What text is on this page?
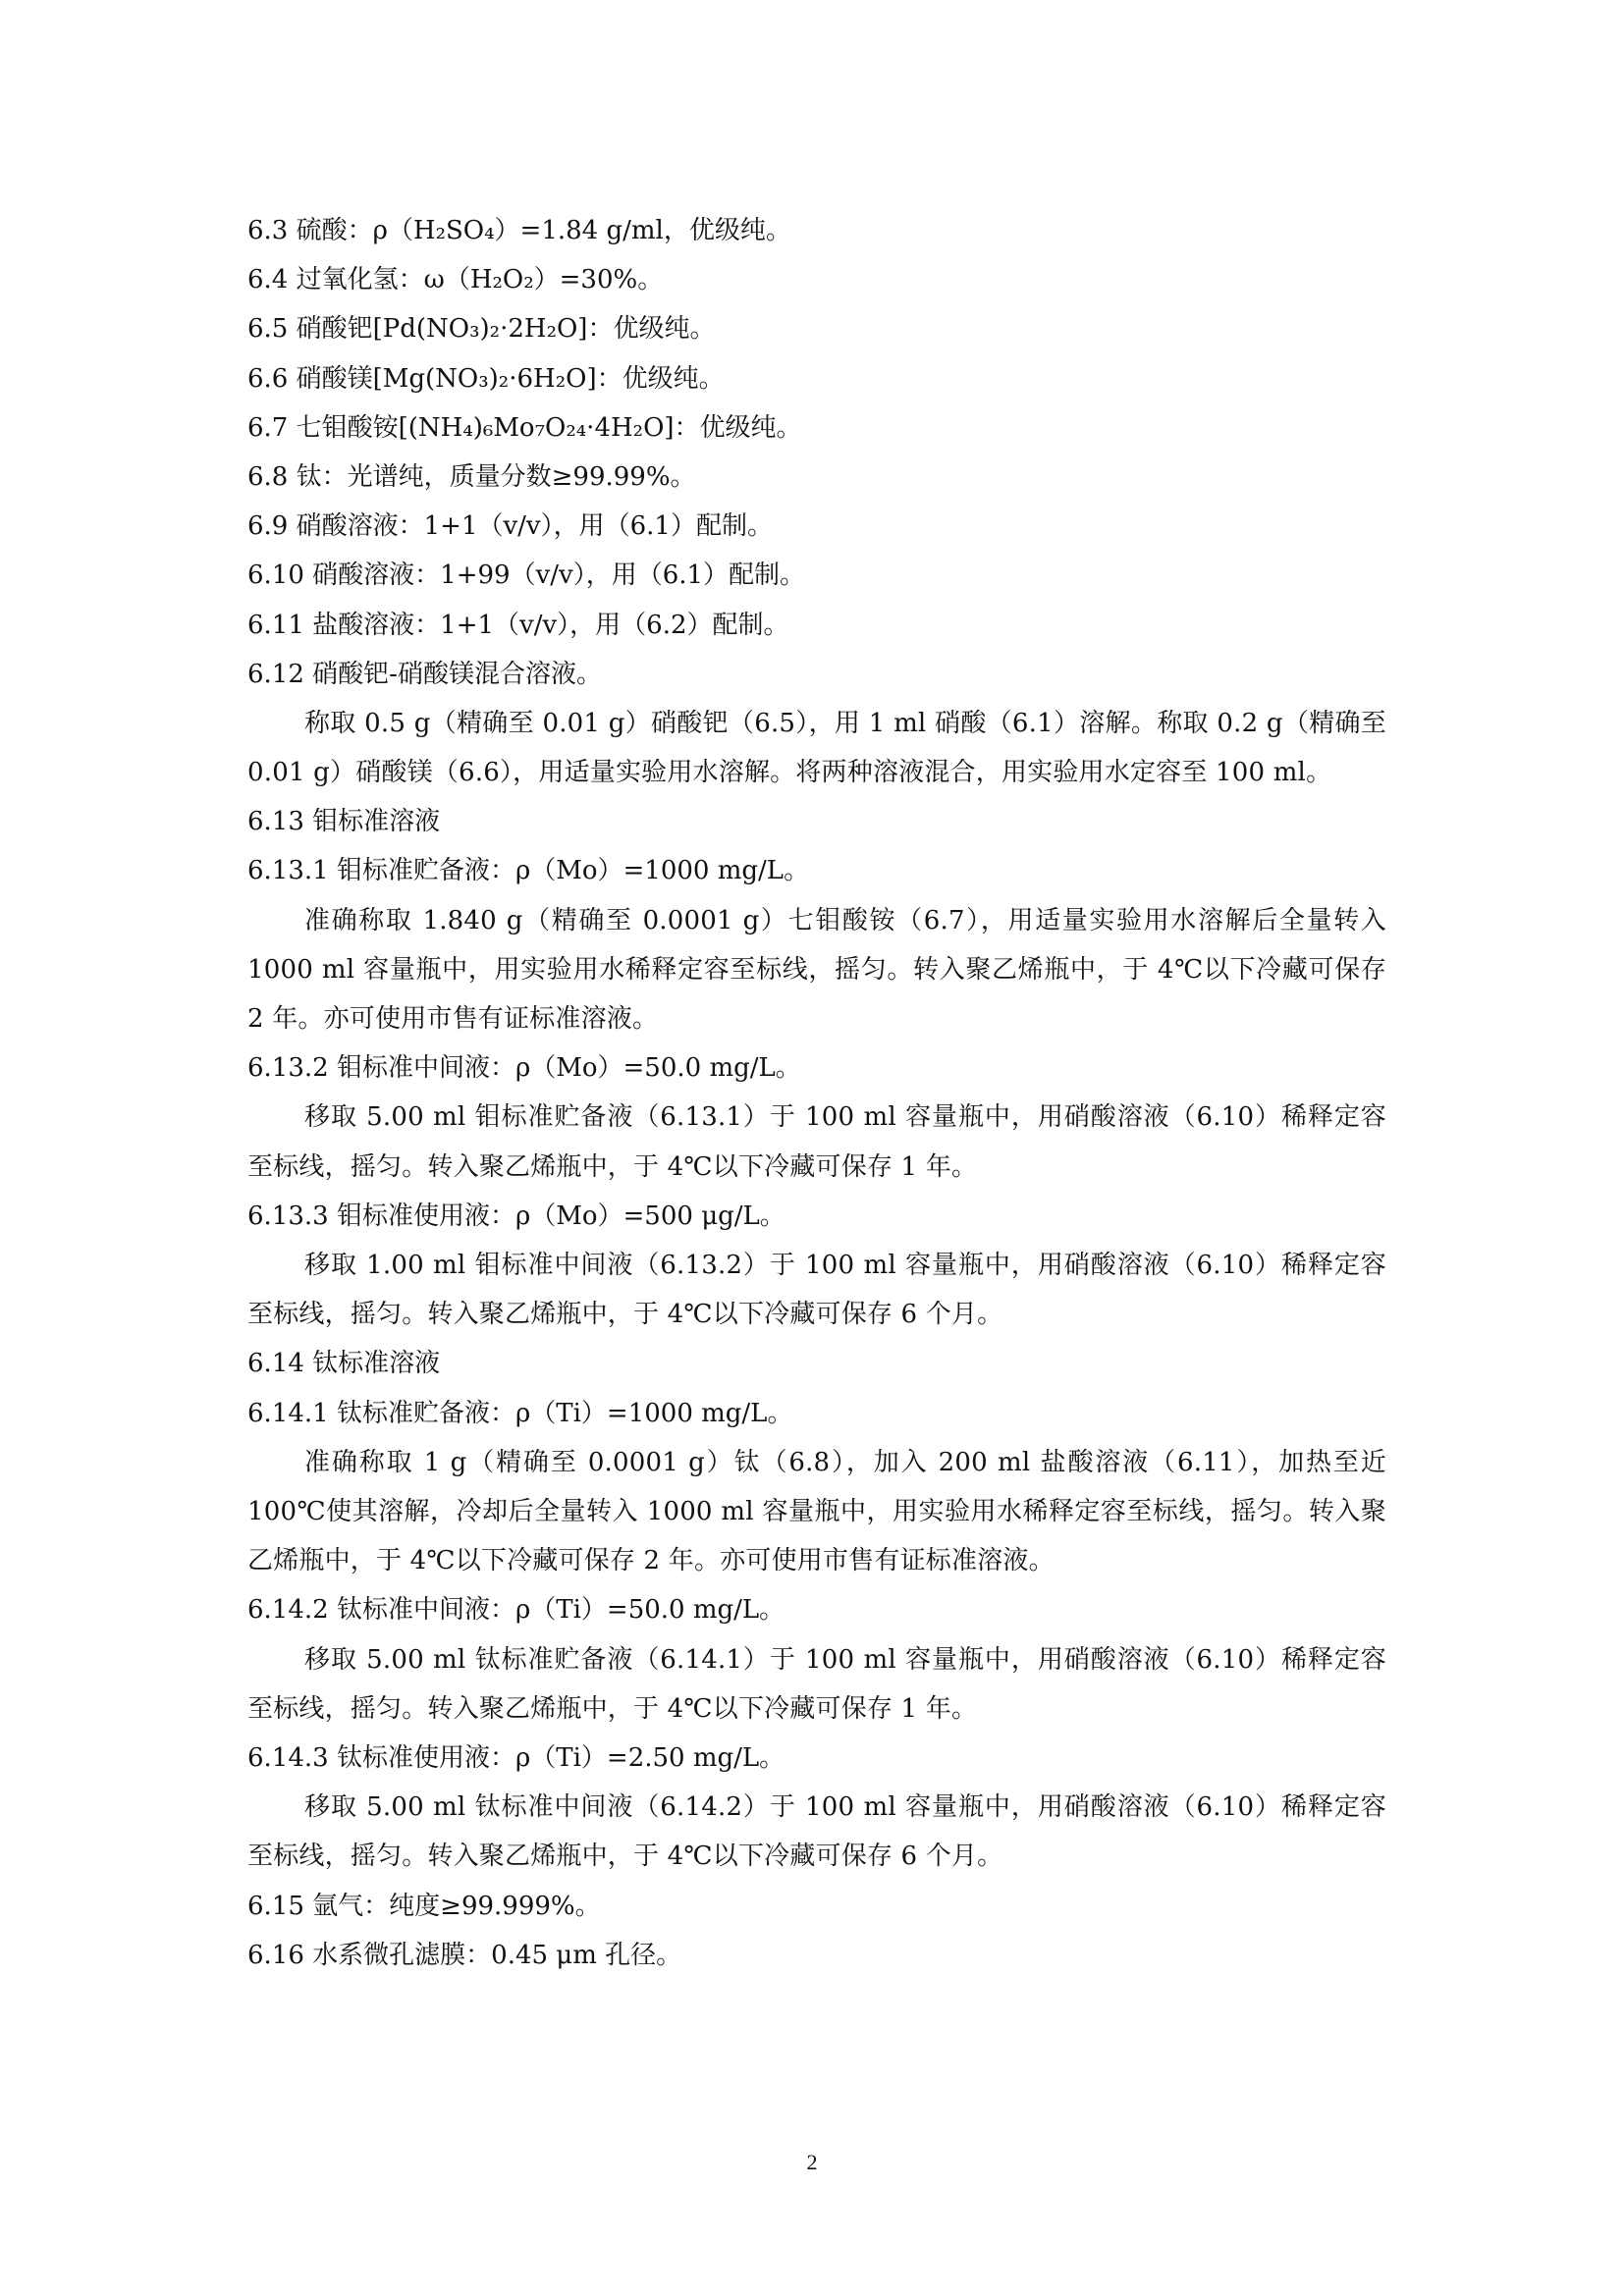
6.3 硫酸：ρ（H₂SO₄）=1.84 g/ml，优级纯。

6.4 过氧化氢：ω（H₂O₂）=30%。

6.5 硝酸钯[Pd(NO₃)₂·2H₂O]：优级纯。

6.6 硝酸镁[Mg(NO₃)₂·6H₂O]：优级纯。

6.7 七钼酸铵[(NH₄)₆Mo₇O₂₄·4H₂O]：优级纯。

6.8 钛：光谱纯，质量分数≥99.99%。

6.9 硝酸溶液：1+1（v/v），用（6.1）配制。

6.10 硝酸溶液：1+99（v/v），用（6.1）配制。

6.11 盐酸溶液：1+1（v/v），用（6.2）配制。

6.12 硝酸钯-硝酸镁混合溶液。

称取 0.5 g（精确至 0.01 g）硝酸钯（6.5），用 1 ml 硝酸（6.1）溶解。称取 0.2 g（精确至 0.01 g）硝酸镁（6.6），用适量实验用水溶解。将两种溶液混合，用实验用水定容至 100 ml。

6.13 钼标准溶液

6.13.1 钼标准贮备液：ρ（Mo）=1000 mg/L。

准确称取 1.840 g（精确至 0.0001 g）七钼酸铵（6.7），用适量实验用水溶解后全量转入 1000 ml 容量瓶中，用实验用水稀释定容至标线，摇匀。转入聚乙烯瓶中，于 4℃以下冷藏可保存 2 年。亦可使用市售有证标准溶液。

6.13.2 钼标准中间液：ρ（Mo）=50.0 mg/L。

移取 5.00 ml 钼标准贮备液（6.13.1）于 100 ml 容量瓶中，用硝酸溶液（6.10）稀释定容至标线，摇匀。转入聚乙烯瓶中，于 4℃以下冷藏可保存 1 年。

6.13.3 钼标准使用液：ρ（Mo）=500 μg/L。

移取 1.00 ml 钼标准中间液（6.13.2）于 100 ml 容量瓶中，用硝酸溶液（6.10）稀释定容至标线，摇匀。转入聚乙烯瓶中，于 4℃以下冷藏可保存 6 个月。

6.14 钛标准溶液

6.14.1 钛标准贮备液：ρ（Ti）=1000 mg/L。

准确称取 1 g（精确至 0.0001 g）钛（6.8），加入 200 ml 盐酸溶液（6.11），加热至近 100℃使其溶解，冷却后全量转入 1000 ml 容量瓶中，用实验用水稀释定容至标线，摇匀。转入聚乙烯瓶中，于 4℃以下冷藏可保存 2 年。亦可使用市售有证标准溶液。

6.14.2 钛标准中间液：ρ（Ti）=50.0 mg/L。

移取 5.00 ml 钛标准贮备液（6.14.1）于 100 ml 容量瓶中，用硝酸溶液（6.10）稀释定容至标线，摇匀。转入聚乙烯瓶中，于 4℃以下冷藏可保存 1 年。

6.14.3 钛标准使用液：ρ（Ti）=2.50 mg/L。

移取 5.00 ml 钛标准中间液（6.14.2）于 100 ml 容量瓶中，用硝酸溶液（6.10）稀释定容至标线，摇匀。转入聚乙烯瓶中，于 4℃以下冷藏可保存 6 个月。

6.15 氩气：纯度≥99.999%。

6.16 水系微孔滤膜：0.45 μm 孔径。

2
